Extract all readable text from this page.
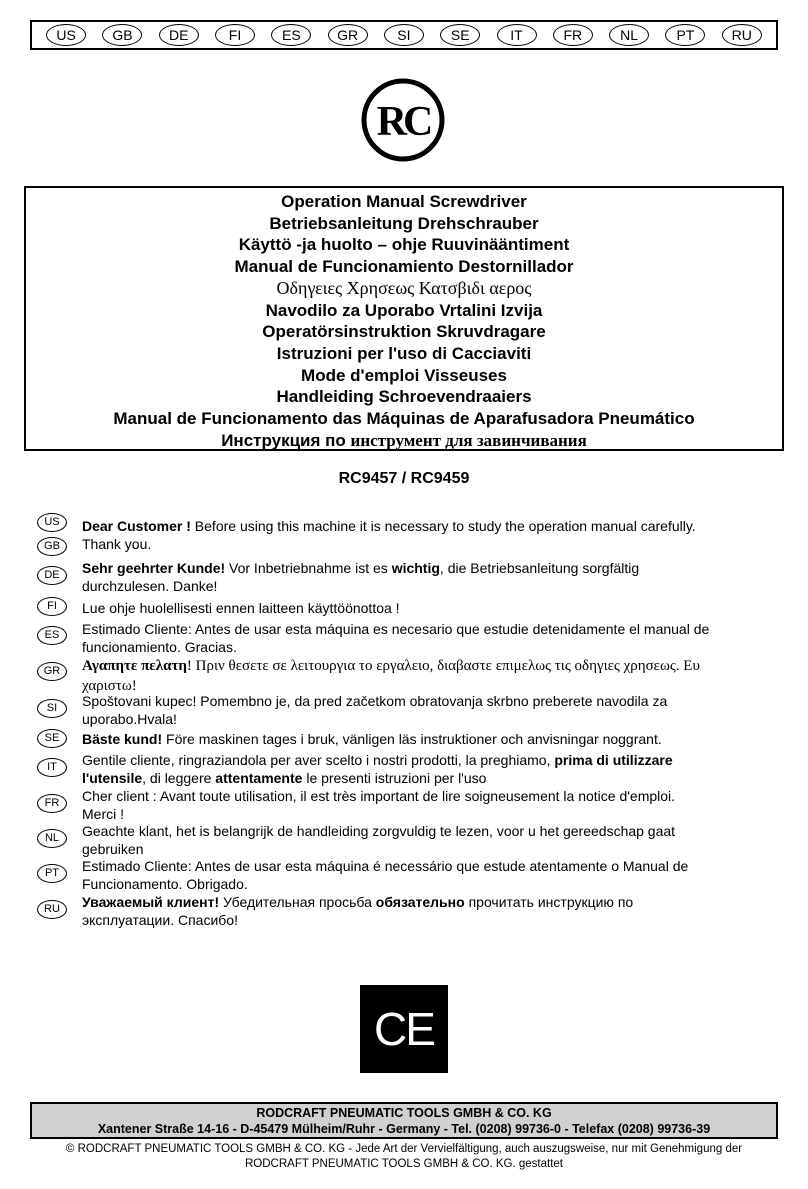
US	GB	DE	FI	ES	GR	SI	SE	IT	FR	NL	PT	RU
RC
Operation Manual Screwdriver
Betriebsanleitung Drehschrauber
Käyttö -ja huolto – ohje Ruuvinääntiment
Manual de Funcionamiento Destornillador
Οδηγειες Χρησεως Κατσβιδι αερος
Navodilo za Uporabo Vrtalini Izvija
Operatörsinstruktion Skruvdragare
Istruzioni per l'uso di Cacciaviti
Mode d'emploi Visseuses
Handleiding Schroevendraaiers
Manual de Funcionamento das Máquinas de Aparafusadora Pneumático
Инструкция по инструмент для завинчивания
RC9457 / RC9459
US
GB
DE
FI
ES
GR
SI
SE
IT
FR
NL
PT
RU
Dear Customer ! Before using this machine it is necessary to study the operation manual carefully.
Thank you.
Sehr geehrter Kunde! Vor Inbetriebnahme ist es wichtig, die Betriebsanleitung sorgfältig
durchzulesen. Danke!
Lue ohje huolellisesti ennen laitteen käyttöönottoa !
Estimado Cliente: Antes de usar esta máquina es necesario que estudie detenidamente el manual de
funcionamiento. Gracias.
Αγαπητε πελατη! Πριν θεσετε σε λειτουργια το εργαλειο, διαβαστε επιμελως τις οδηγιες χρησεως. Ευ
χαριστω!
Spoštovani kupec! Pomembno je, da pred začetkom obratovanja skrbno preberete navodila za
uporabo.Hvala!
Bäste kund! Före maskinen tages i bruk, vänligen läs instruktioner och anvisningar noggrant.
Gentile cliente, ringraziandola per aver scelto i nostri prodotti, la preghiamo, prima di utilizzare
l'utensile, di leggere attentamente le presenti istruzioni per l'uso
Cher client : Avant toute utilisation, il est très important de lire soigneusement la notice d'emploi.
Merci !
Geachte klant, het is belangrijk de handleiding zorgvuldig te lezen, voor u het gereedschap gaat
gebruiken
Estimado Cliente: Antes de usar esta máquina é necessário que estude atentamente o Manual de
Funcionamento. Obrigado.
Уважаемый клиент! Убедительная просьба обязательно прочитать инструкцию по
эксплуатации. Спасибо!
CE
RODCRAFT PNEUMATIC TOOLS GMBH & CO. KG
Xantener Straße 14-16 - D-45479 Mülheim/Ruhr - Germany - Tel. (0208) 99736-0 - Telefax (0208) 99736-39
© RODCRAFT PNEUMATIC TOOLS GMBH & CO. KG - Jede Art der Vervielfältigung, auch auszugsweise, nur mit Genehmigung der
RODCRAFT PNEUMATIC TOOLS GMBH & CO. KG. gestattet
